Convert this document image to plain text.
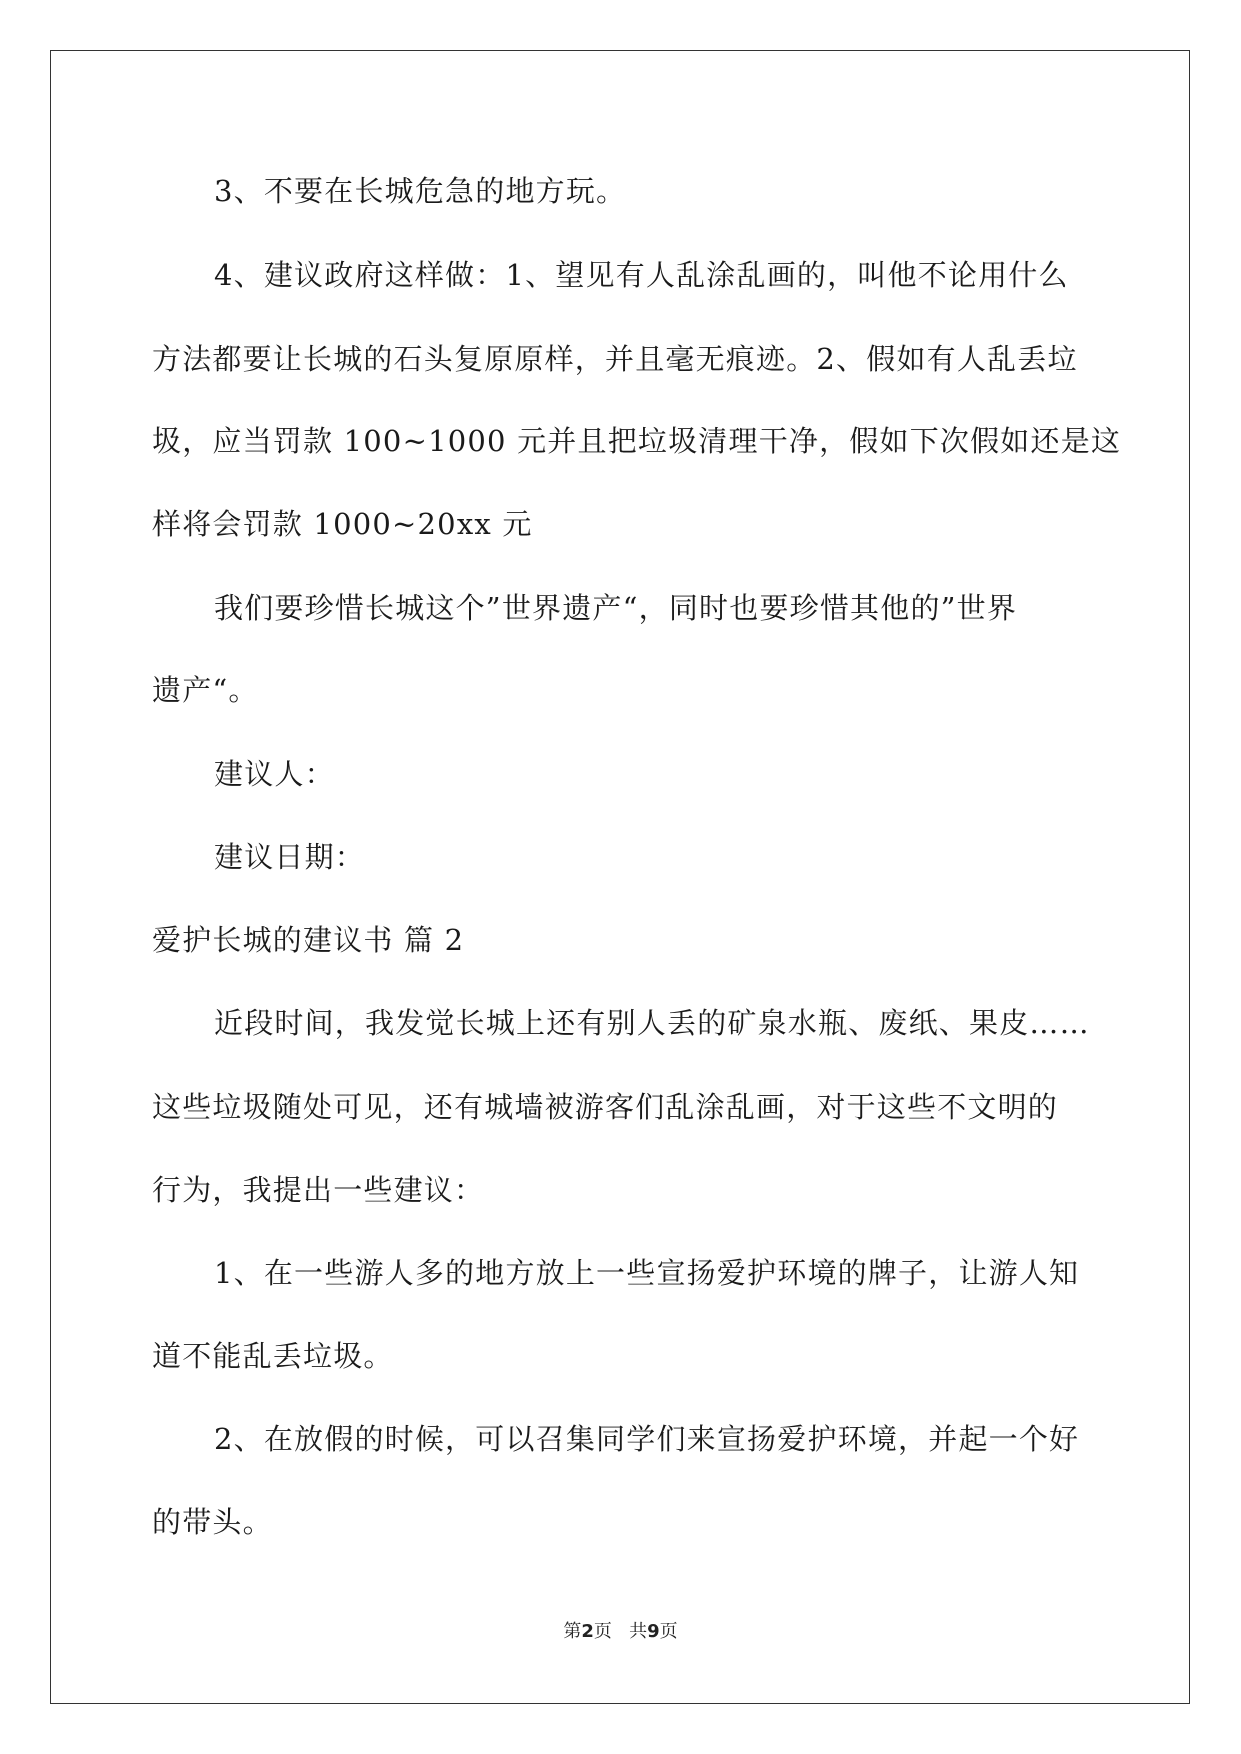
3、不要在长城危急的地方玩。

4、建议政府这样做：1、望见有人乱涂乱画的，叫他不论用什么

方法都要让长城的石头复原原样，并且毫无痕迹。2、假如有人乱丢垃

圾，应当罚款 100~1000 元并且把垃圾清理干净，假如下次假如还是这

样将会罚款 1000~20xx 元

我们要珍惜长城这个”世界遗产“，同时也要珍惜其他的”世界

遗产“。

建议人：

建议日期：

爱护长城的建议书 篇 2

近段时间，我发觉长城上还有别人丢的矿泉水瓶、废纸、果皮……

这些垃圾随处可见，还有城墙被游客们乱涂乱画，对于这些不文明的

行为，我提出一些建议：

1、在一些游人多的地方放上一些宣扬爱护环境的牌子，让游人知

道不能乱丢垃圾。

2、在放假的时候，可以召集同学们来宣扬爱护环境，并起一个好

的带头。

第2页   共9页
